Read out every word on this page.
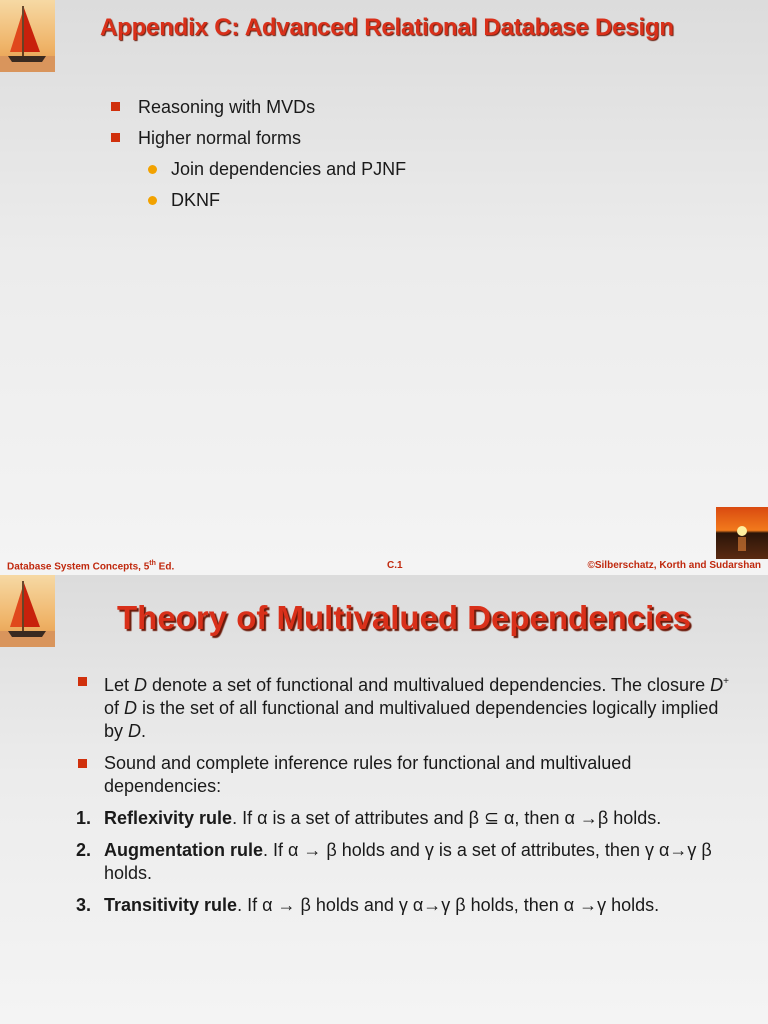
Appendix C: Advanced Relational Database Design
Reasoning with MVDs
Higher normal forms
Join dependencies and PJNF
DKNF
Database System Concepts, 5th Ed.	C.1	©Silberschatz, Korth and Sudarshan
Theory of Multivalued Dependencies
Let D denote a set of functional and multivalued dependencies. The closure D+ of D is the set of all functional and multivalued dependencies logically implied by D.
Sound and complete inference rules for functional and multivalued dependencies:
1. Reflexivity rule. If α is a set of attributes and β ⊆ α, then α →β holds.
2. Augmentation rule. If α → β holds and γ is a set of attributes, then γ α→γ β holds.
3. Transitivity rule. If α → β holds and γ α→γ β holds, then α →γ holds.
